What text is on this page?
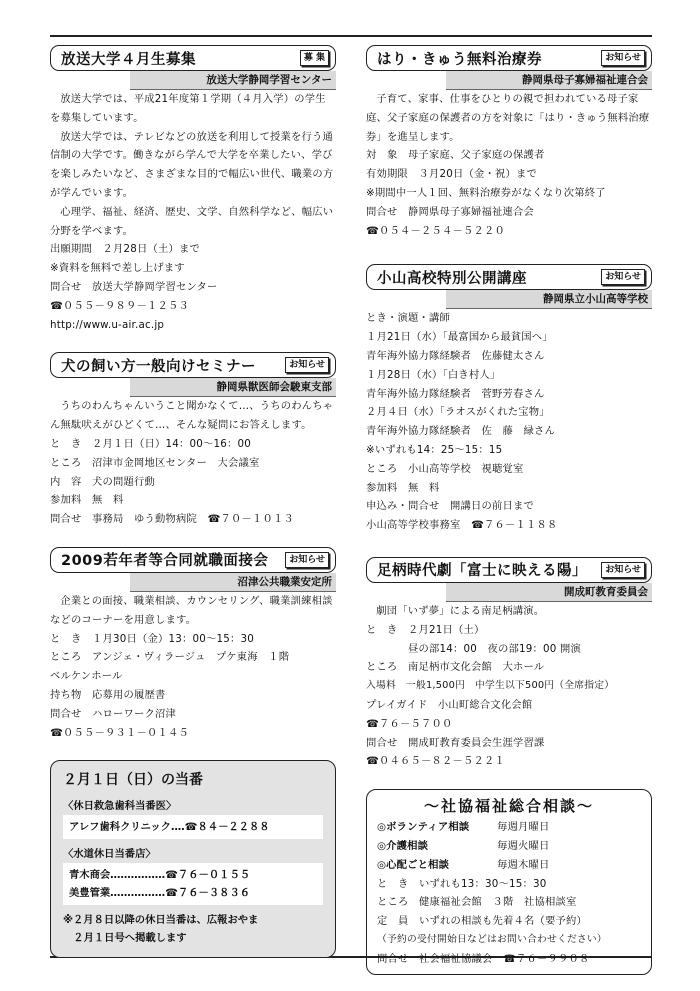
放送大学４月生募集	募 集
放送大学静岡学習センター

放送大学では、平成21年度第１学期（４月入学）の学生を募集しています。

放送大学では、テレビなどの放送を利用して授業を行う通信制の大学です。働きながら学んで大学を卒業したい、学びを楽しみたいなど、さまざまな目的で幅広い世代、職業の方が学んでいます。

心理学、福祉、経済、歴史、文学、自然科学など、幅広い分野を学べます。

出願期間　２月28日（土）まで

※資料を無料で差し上げます

問合せ　放送大学静岡学習センター

☎０５５－９８９－１２５３

http://www.u-air.ac.jp

犬の飼い方一般向けセミナー	お知らせ
静岡県獣医師会駿東支部

うちのわんちゃんいうこと聞かなくて…、うちのわんちゃん無駄吠えがひどくて…、そんな疑問にお答えします。

と　き　２月１日（日）14：00～16：00

ところ　沼津市金岡地区センター　大会議室

内　容　犬の問題行動

参加料　無　料

問合せ　事務局　ゆう動物病院　☎７０－１０１３

2009若年者等合同就職面接会	お知らせ
沼津公共職業安定所

企業との面接、職業相談、カウンセリング、職業訓練相談などのコーナーを用意します。

と　き　１月30日（金）13：00～15：30

ところ　アンジェ・ヴィラージュ　プケ東海　１階

ベルケンホール

持ち物　応募用の履歴書

問合せ　ハローワーク沼津

☎０５５－９３１－０１４５

２月１日（日）の当番
〈休日救急歯科当番医〉
アレフ歯科クリニック‥‥☎８４－２２８８
〈水道休日当番店〉
青木商会‥‥‥‥‥‥‥‥☎７６－０１５５
美豊管業‥‥‥‥‥‥‥‥☎７６－３８３６
※２月８日以降の休日当番は、広報おやま
　２月１日号へ掲載します
はり・きゅう無料治療券	お知らせ
静岡県母子寡婦福祉連合会

子育て、家事、仕事をひとりの親で担われている母子家庭、父子家庭の保護者の方を対象に「はり・きゅう無料治療券」を進呈します。

対　象　母子家庭、父子家庭の保護者

有効期限　３月20日（金・祝）まで

※期間中一人１回、無料治療券がなくなり次第終了

問合せ　静岡県母子寡婦福祉連合会

☎０５４－２５４－５２２０

小山高校特別公開講座	お知らせ
静岡県立小山高等学校

とき・演題・講師

１月21日（水）「最富国から最貧国へ」

青年海外協力隊経験者　佐藤健太さん

１月28日（水）「白き村人」

青年海外協力隊経験者　菅野芳春さん

２月４日（水）「ラオスがくれた宝物」

青年海外協力隊経験者　佐　藤　緑さん

※いずれも14：25～15：15

ところ　小山高等学校　視聴覚室

参加料　無　料

申込み・問合せ　開講日の前日まで

小山高等学校事務室　☎７６－１１８８

足柄時代劇「富士に映える陽」	お知らせ
開成町教育委員会

劇団「いず夢」による南足柄講演。

と　き　２月21日（土）

　　　　昼の部14：00　夜の部19：00 開演

ところ　南足柄市文化会館　大ホール

入場料　一般1,500円　中学生以下500円（全席指定）

プレイガイド　小山町総合文化会館

☎７６－５７００

問合せ　開成町教育委員会生涯学習課

☎０４６５－８２－５２２１

～社協福祉総合相談～
◎ボランティア相談	毎週月曜日
◎介護相談	毎週火曜日
◎心配ごと相談	毎週木曜日

と　き　いずれも13：30～15：30

ところ　健康福祉会館　３階　社協相談室

定　員　いずれの相談も先着４名（要予約）

（予約の受付開始日などはお問い合わせください）

問合せ　社会福祉協議会　☎７６－９９０８
